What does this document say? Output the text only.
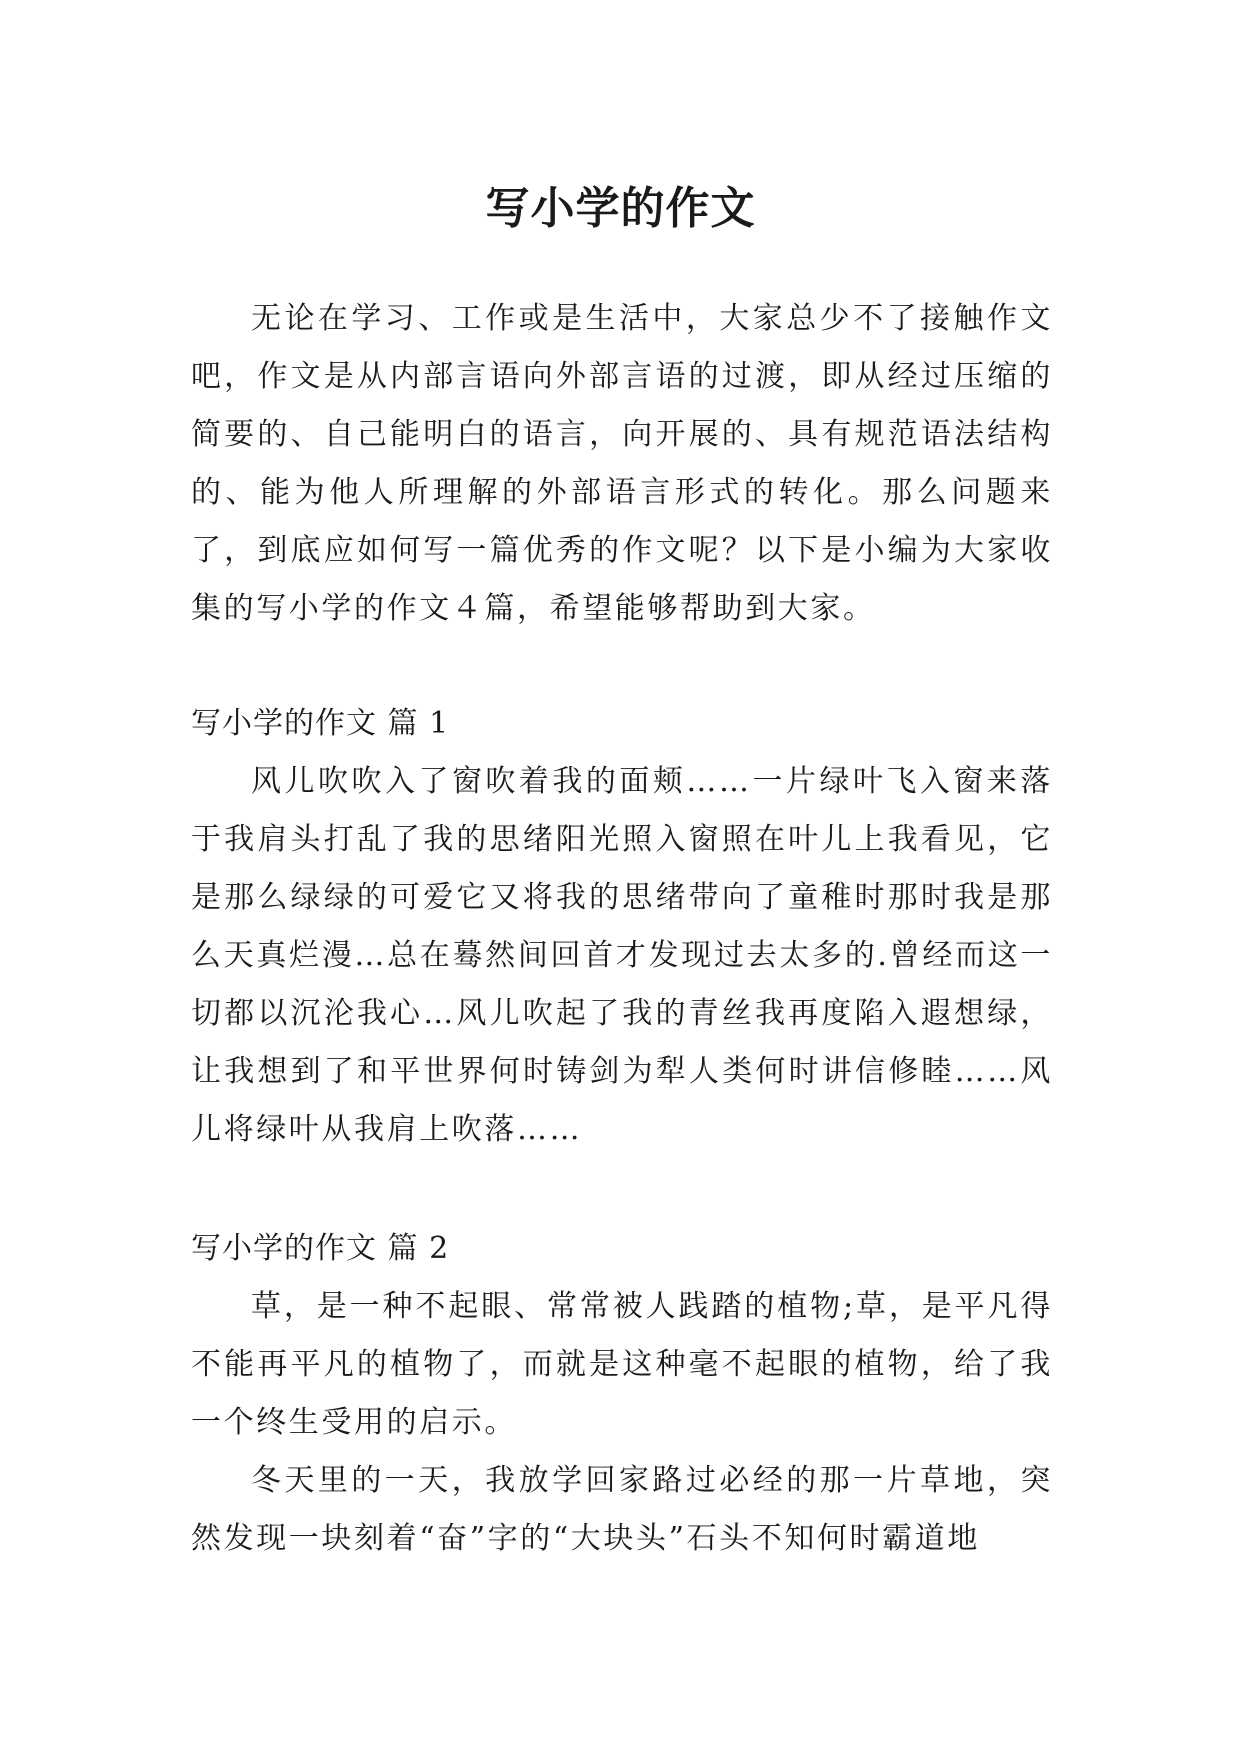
写小学的作文

无论在学习、工作或是生活中，大家总少不了接触作文吧，作文是从内部言语向外部言语的过渡，即从经过压缩的简要的、自己能明白的语言，向开展的、具有规范语法结构的、能为他人所理解的外部语言形式的转化。那么问题来了，到底应如何写一篇优秀的作文呢？以下是小编为大家收集的写小学的作文４篇，希望能够帮助到大家。

写小学的作文 篇 1

风儿吹吹入了窗吹着我的面颊……一片绿叶飞入窗来落于我肩头打乱了我的思绪阳光照入窗照在叶儿上我看见，它是那么绿绿的可爱它又将我的思绪带向了童稚时那时我是那么天真烂漫…总在蓦然间回首才发现过去太多的.曾经而这一切都以沉沦我心…风儿吹起了我的青丝我再度陷入遐想绿，让我想到了和平世界何时铸剑为犁人类何时讲信修睦……风儿将绿叶从我肩上吹落……

写小学的作文 篇 2

草，是一种不起眼、常常被人践踏的植物;草，是平凡得不能再平凡的植物了，而就是这种毫不起眼的植物，给了我一个终生受用的启示。

冬天里的一天，我放学回家路过必经的那一片草地，突然发现一块刻着“奋”字的“大块头”石头不知何时霸道地
